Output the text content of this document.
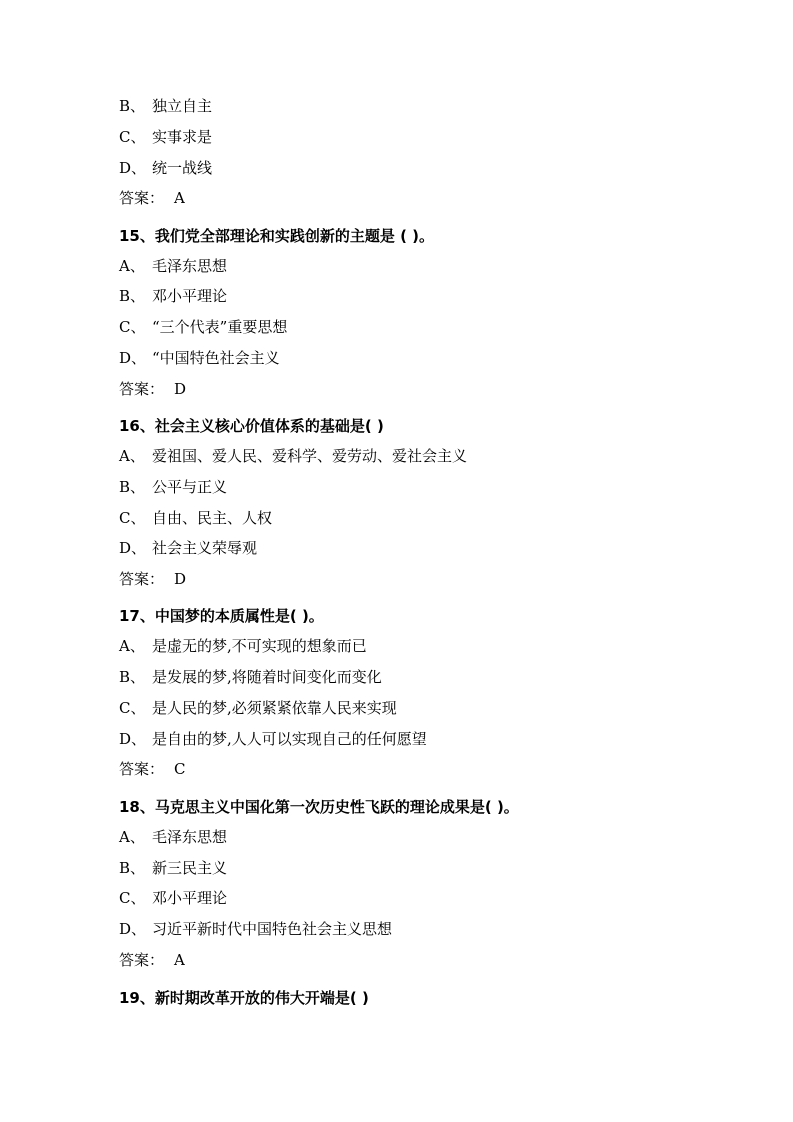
B、 独立自主
C、 实事求是
D、 统一战线
答案： A
15、我们党全部理论和实践创新的主题是 ( )。
A、 毛泽东思想
B、 邓小平理论
C、 “三个代表”重要思想
D、 “中国特色社会主义
答案： D
16、社会主义核心价值体系的基础是( )
A、 爱祖国、爱人民、爱科学、爱劳动、爱社会主义
B、 公平与正义
C、 自由、民主、人权
D、 社会主义荣辱观
答案： D
17、中国梦的本质属性是( )。
A、 是虚无的梦,不可实现的想象而已
B、 是发展的梦,将随着时间变化而变化
C、 是人民的梦,必须紧紧依靠人民来实现
D、 是自由的梦,人人可以实现自己的任何愿望
答案： C
18、马克思主义中国化第一次历史性飞跃的理论成果是( )。
A、 毛泽东思想
B、 新三民主义
C、 邓小平理论
D、 习近平新时代中国特色社会主义思想
答案： A
19、新时期改革开放的伟大开端是( )
